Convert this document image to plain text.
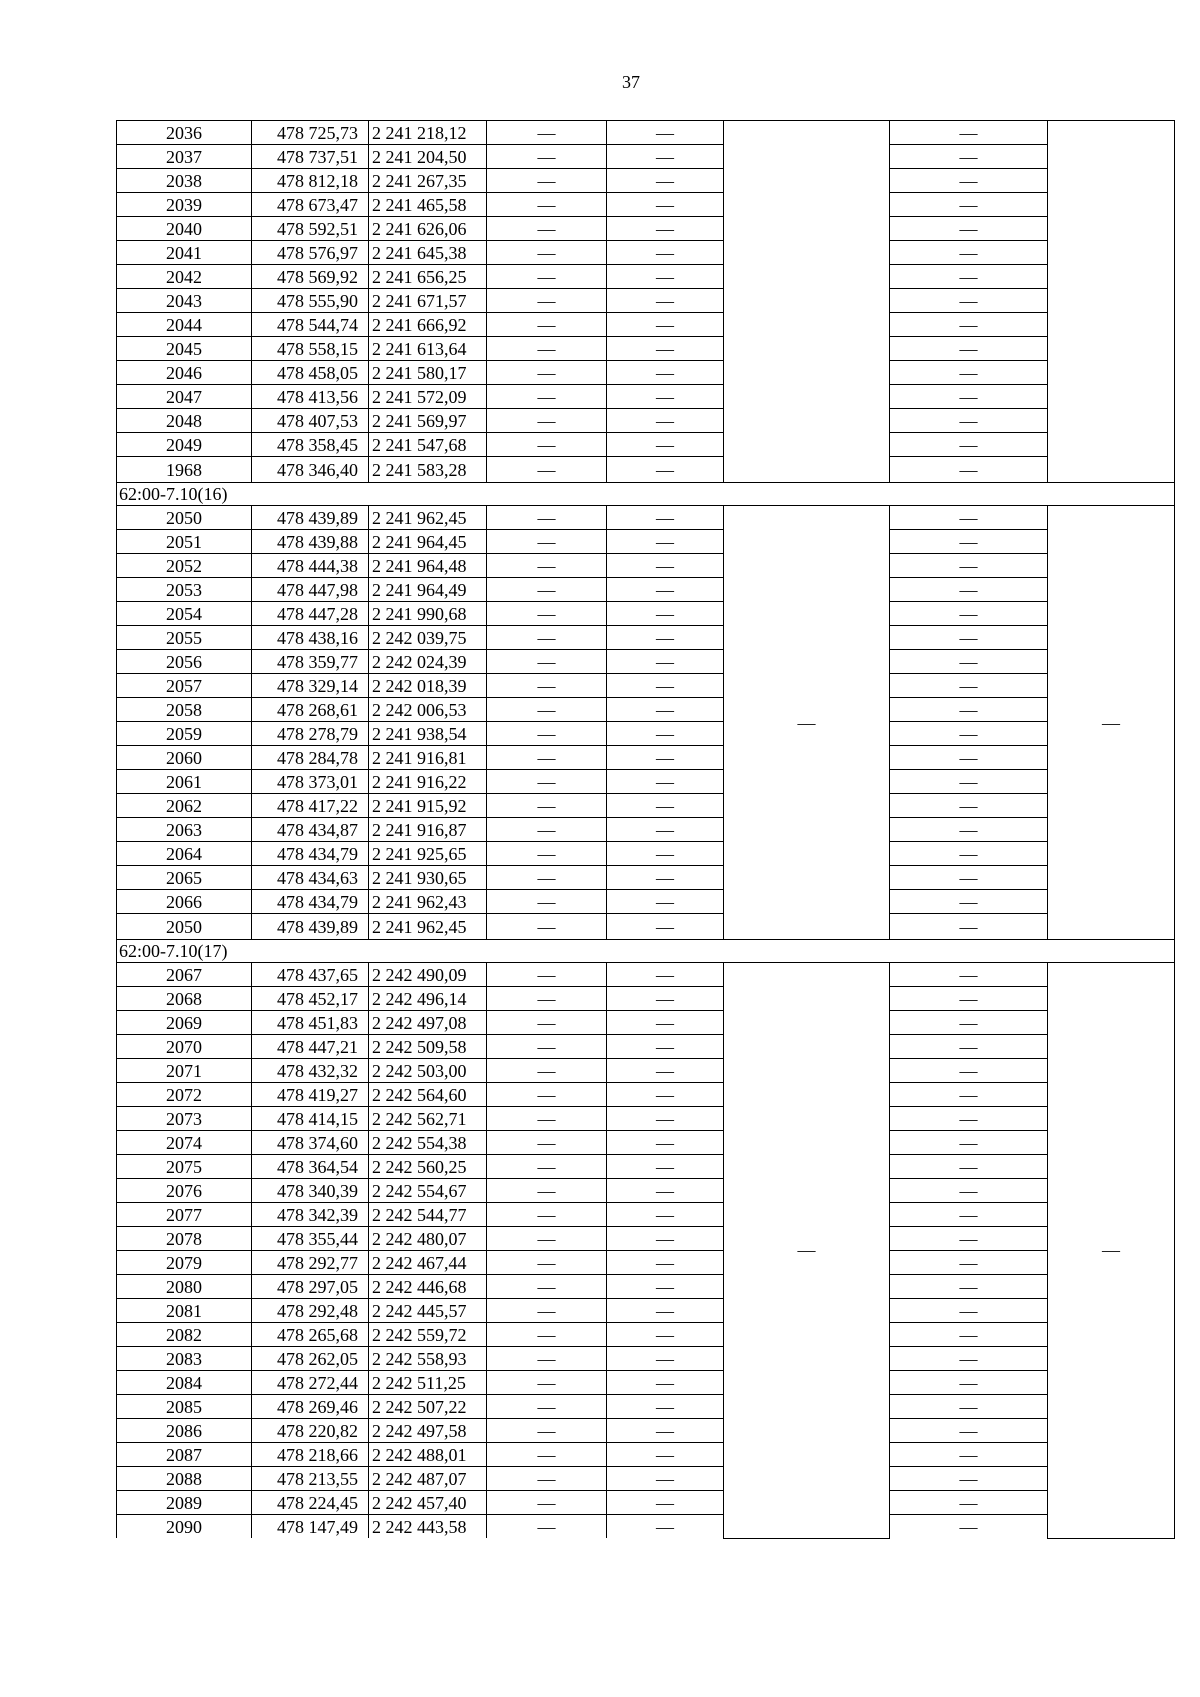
37
2036	478 725,73	2 241 218,12	—	—		—	
2037	478 737,51	2 241 204,50	—	—		—	
2038	478 812,18	2 241 267,35	—	—		—	
2039	478 673,47	2 241 465,58	—	—		—	
2040	478 592,51	2 241 626,06	—	—		—	
2041	478 576,97	2 241 645,38	—	—		—	
2042	478 569,92	2 241 656,25	—	—		—	
2043	478 555,90	2 241 671,57	—	—		—	
2044	478 544,74	2 241 666,92	—	—		—	
2045	478 558,15	2 241 613,64	—	—		—	
2046	478 458,05	2 241 580,17	—	—		—	
2047	478 413,56	2 241 572,09	—	—		—	
2048	478 407,53	2 241 569,97	—	—		—	
2049	478 358,45	2 241 547,68	—	—		—	
1968	478 346,40	2 241 583,28	—	—		—	
62:00-7.10(16)							
2050	478 439,89	2 241 962,45	—	—	—	—	—
2051	478 439,88	2 241 964,45	—	—		—	
2052	478 444,38	2 241 964,48	—	—		—	
2053	478 447,98	2 241 964,49	—	—		—	
2054	478 447,28	2 241 990,68	—	—		—	
2055	478 438,16	2 242 039,75	—	—		—	
2056	478 359,77	2 242 024,39	—	—		—	
2057	478 329,14	2 242 018,39	—	—		—	
2058	478 268,61	2 242 006,53	—	—		—	
2059	478 278,79	2 241 938,54	—	—		—	
2060	478 284,78	2 241 916,81	—	—		—	
2061	478 373,01	2 241 916,22	—	—		—	
2062	478 417,22	2 241 915,92	—	—		—	
2063	478 434,87	2 241 916,87	—	—		—	
2064	478 434,79	2 241 925,65	—	—		—	
2065	478 434,63	2 241 930,65	—	—		—	
2066	478 434,79	2 241 962,43	—	—		—	
2050	478 439,89	2 241 962,45	—	—		—	
62:00-7.10(17)							
2067	478 437,65	2 242 490,09	—	—	—	—	—
2068	478 452,17	2 242 496,14	—	—		—	
2069	478 451,83	2 242 497,08	—	—		—	
2070	478 447,21	2 242 509,58	—	—		—	
2071	478 432,32	2 242 503,00	—	—		—	
2072	478 419,27	2 242 564,60	—	—		—	
2073	478 414,15	2 242 562,71	—	—		—	
2074	478 374,60	2 242 554,38	—	—		—	
2075	478 364,54	2 242 560,25	—	—		—	
2076	478 340,39	2 242 554,67	—	—		—	
2077	478 342,39	2 242 544,77	—	—		—	
2078	478 355,44	2 242 480,07	—	—		—	
2079	478 292,77	2 242 467,44	—	—		—	
2080	478 297,05	2 242 446,68	—	—		—	
2081	478 292,48	2 242 445,57	—	—		—	
2082	478 265,68	2 242 559,72	—	—		—	
2083	478 262,05	2 242 558,93	—	—		—	
2084	478 272,44	2 242 511,25	—	—		—	
2085	478 269,46	2 242 507,22	—	—		—	
2086	478 220,82	2 242 497,58	—	—		—	
2087	478 218,66	2 242 488,01	—	—		—	
2088	478 213,55	2 242 487,07	—	—		—	
2089	478 224,45	2 242 457,40	—	—		—	
2090	478 147,49	2 242 443,58	—	—		—	
